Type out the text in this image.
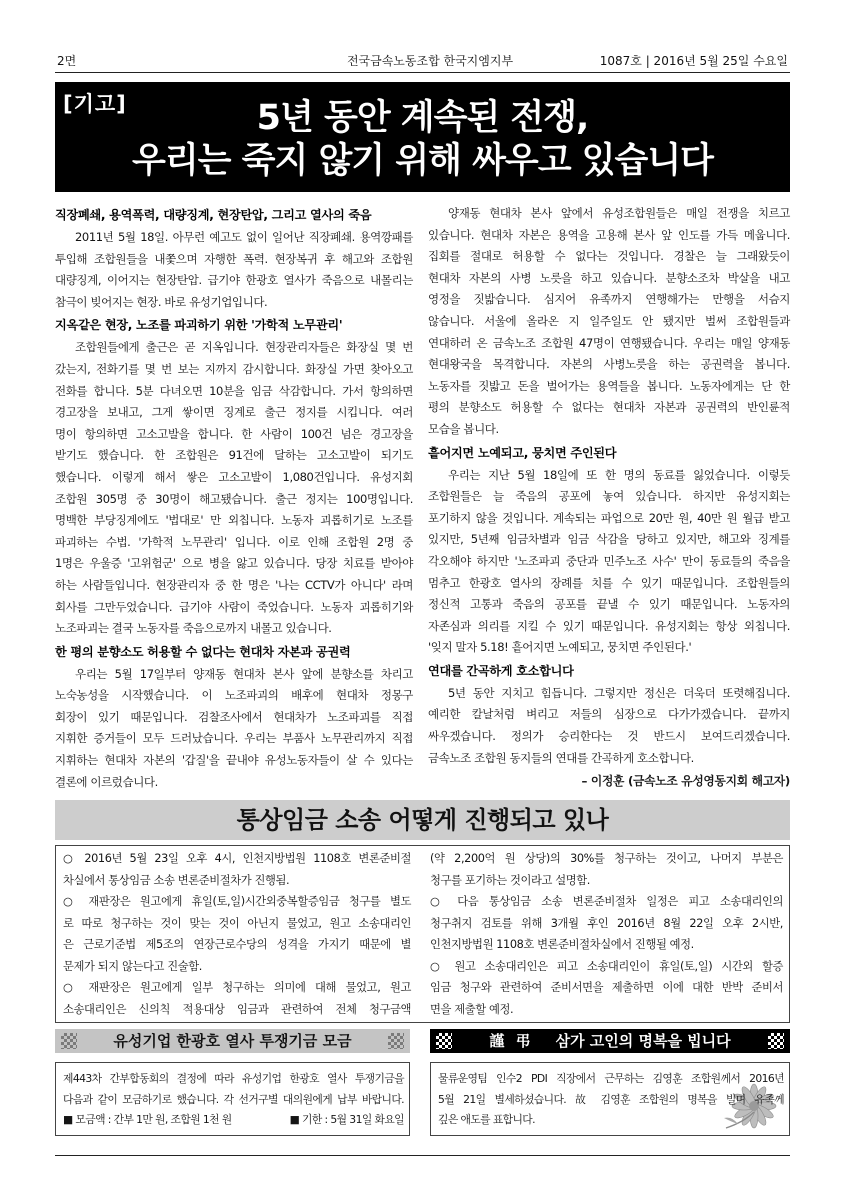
2면	전국금속노동조합 한국지엠지부	1087호 | 2016년 5월 25일 수요일
[기고]	5년 동안 계속된 전쟁,
우리는 죽지 않기 위해 싸우고 있습니다
직장폐쇄, 용역폭력, 대량징계, 현장탄압, 그리고 열사의 죽음
2011년 5월 18일. 아무런 예고도 없이 일어난 직장폐쇄. 용역깡패를
투입해 조합원들을 내쫓으며 자행한 폭력. 현장복귀 후 해고와 조합원
대량징계, 이어지는 현장탄압. 급기야 한광호 열사가 죽음으로 내몰리는
참극이 빚어지는 현장. 바로 유성기업입니다.
지옥같은 현장, 노조를 파괴하기 위한 '가학적 노무관리'
조합원들에게 출근은 곧 지옥입니다. 현장관리자들은 화장실 몇 번
갔는지, 전화기를 몇 번 보는 지까지 감시합니다. 화장실 가면 찾아오고
전화를 합니다. 5분 다녀오면 10분을 임금 삭감합니다. 가서 항의하면
경고장을 보내고, 그게 쌓이면 징계로 출근 정지를 시킵니다. 여러
명이 항의하면 고소고발을 합니다. 한 사람이 100건 넘은 경고장을
받기도 했습니다. 한 조합원은 91건에 달하는 고소고발이 되기도
했습니다. 이렇게 해서 쌓은 고소고발이 1,080건입니다. 유성지회
조합원 305명 중 30명이 해고됐습니다. 출근 정지는 100명입니다.
명백한 부당징계에도 '법대로' 만 외칩니다. 노동자 괴롭히기로 노조를
파괴하는 수법. '가학적 노무관리' 입니다. 이로 인해 조합원 2명 중
1명은 우울증 '고위험군' 으로 병을 앓고 있습니다. 당장 치료를 받아야
하는 사람들입니다. 현장관리자 중 한 명은 '나는 CCTV가 아니다' 라며
회사를 그만두었습니다. 급기야 사람이 죽었습니다. 노동자 괴롭히기와
노조파괴는 결국 노동자를 죽음으로까지 내몰고 있습니다.
한 평의 분향소도 허용할 수 없다는 현대차 자본과 공권력
우리는 5월 17일부터 양재동 현대차 본사 앞에 분향소를 차리고
노숙농성을 시작했습니다. 이 노조파괴의 배후에 현대차 정몽구
회장이 있기 때문입니다. 검찰조사에서 현대차가 노조파괴를 직접
지휘한 증거들이 모두 드러났습니다. 우리는 부품사 노무관리까지 직접
지휘하는 현대차 자본의 '갑질'을 끝내야 유성노동자들이 살 수 있다는
결론에 이르렀습니다.
양재동 현대차 본사 앞에서 유성조합원들은 매일 전쟁을 치르고
있습니다. 현대차 자본은 용역을 고용해 본사 앞 인도를 가득 메웁니다.
집회를 절대로 허용할 수 없다는 것입니다. 경찰은 늘 그래왔듯이
현대차 자본의 사병 노릇을 하고 있습니다. 분향소조차 박살을 내고
영정을 짓밟습니다. 심지어 유족까지 연행해가는 만행을 서슴지
않습니다. 서울에 올라온 지 일주일도 안 됐지만 벌써 조합원들과
연대하러 온 금속노조 조합원 47명이 연행됐습니다. 우리는 매일 양재동
현대왕국을 목격합니다. 자본의 사병노릇을 하는 공권력을 봅니다.
노동자를 짓밟고 돈을 벌어가는 용역들을 봅니다. 노동자에게는 단 한
평의 분향소도 허용할 수 없다는 현대차 자본과 공권력의 반인륜적
모습을 봅니다.
흩어지면 노예되고, 뭉치면 주인된다
우리는 지난 5월 18일에 또 한 명의 동료를 잃었습니다. 이렇듯
조합원들은 늘 죽음의 공포에 놓여 있습니다. 하지만 유성지회는
포기하지 않을 것입니다. 계속되는 파업으로 20만 원, 40만 원 월급 받고
있지만, 5년째 임금차별과 임금 삭감을 당하고 있지만, 해고와 징계를
각오해야 하지만 '노조파괴 중단과 민주노조 사수' 만이 동료들의 죽음을
멈추고 한광호 열사의 장례를 치를 수 있기 때문입니다. 조합원들의
정신적 고통과 죽음의 공포를 끝낼 수 있기 때문입니다. 노동자의
자존심과 의리를 지킬 수 있기 때문입니다. 유성지회는 항상 외칩니다.
'잊지 말자 5.18! 흩어지면 노예되고, 뭉치면 주인된다.'
연대를 간곡하게 호소합니다
5년 동안 지치고 힘듭니다. 그렇지만 정신은 더욱더 또렷해집니다.
예리한 칼날처럼 벼리고 저들의 심장으로 다가가겠습니다. 끝까지
싸우겠습니다. 정의가 승리한다는 것 반드시 보여드리겠습니다.
금속노조 조합원 동지들의 연대를 간곡하게 호소합니다.
– 이정훈 (금속노조 유성영동지회 해고자)
통상임금 소송 어떻게 진행되고 있나
○ 2016년 5월 23일 오후 4시, 인천지방법원 1108호 변론준비절
차실에서 통상임금 소송 변론준비절차가 진행됨.
○ 재판장은 원고에게 휴일(토,일)시간외중복할증임금 청구를 별도
로 따로 청구하는 것이 맞는 것이 아닌지 물었고, 원고 소송대리인
은 근로기준법 제5조의 연장근로수당의 성격을 가지기 때문에 별
문제가 되지 않는다고 진술함.
○ 재판장은 원고에게 일부 청구하는 의미에 대해 물었고, 원고
소송대리인은 신의칙 적용대상 임금과 관련하여 전체 청구금액
(약 2,200억 원 상당)의 30%를 청구하는 것이고, 나머지 부분은
청구를 포기하는 것이라고 설명함.
○ 다음 통상임금 소송 변론준비절차 일정은 피고 소송대리인의
청구취지 검토를 위해 3개월 후인 2016년 8월 22일 오후 2시반,
인천지방법원 1108호 변론준비절차실에서 진행될 예정.
○ 원고 소송대리인은 피고 소송대리인이 휴일(토,일) 시간외 할증
임금 청구와 관련하여 준비서면을 제출하면 이에 대한 반박 준비서
면을 제출할 예정.
유성기업 한광호 열사 투쟁기금 모금
제443차 간부합동회의 결정에 따라 유성기업 한광호 열사 투쟁기금을
다음과 같이 모금하기로 했습니다. 각 선거구별 대의원에게 납부 바랍니다.
■ 모금액 : 간부 1만 원, 조합원 1천 원	■ 기한 : 5월 31일 화요일
謹 弔 삼가 고인의 명복을 빕니다
물류운영팀 인수2 PDI 직장에서 근무하는 김영훈 조합원께서 2016년
5월 21일 별세하셨습니다. 故 김영훈 조합원의 명복을 빌며 유족께
깊은 애도를 표합니다.
